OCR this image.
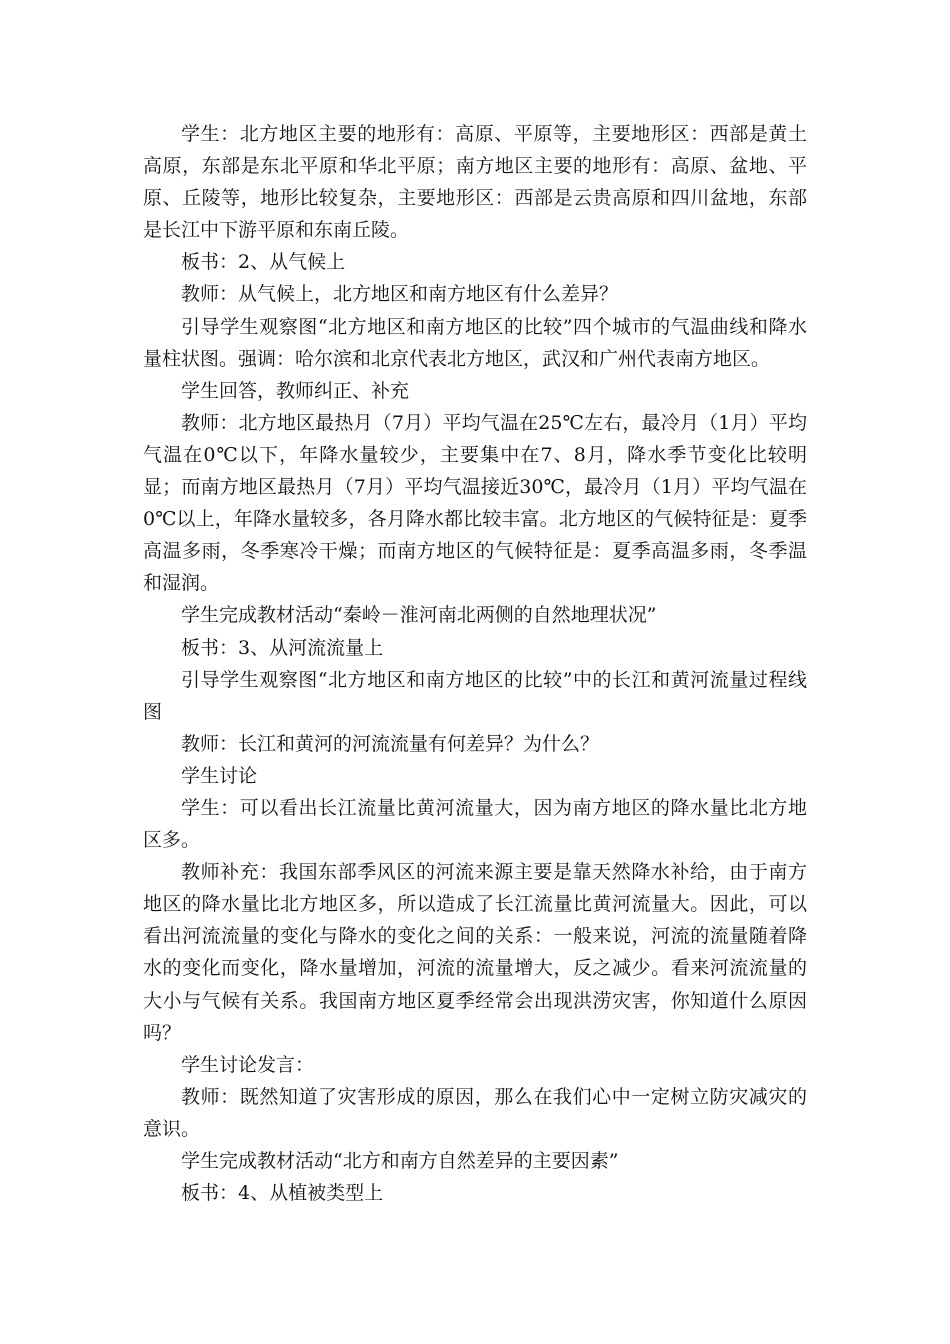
学生：北方地区主要的地形有：高原、平原等，主要地形区：西部是黄土高原，东部是东北平原和华北平原；南方地区主要的地形有：高原、盆地、平原、丘陵等，地形比较复杂，主要地形区：西部是云贵高原和四川盆地，东部是长江中下游平原和东南丘陵。

板书：2、从气候上

教师：从气候上，北方地区和南方地区有什么差异？

引导学生观察图“北方地区和南方地区的比较”四个城市的气温曲线和降水量柱状图。强调：哈尔滨和北京代表北方地区，武汉和广州代表南方地区。

学生回答，教师纠正、补充

教师：北方地区最热月（7月）平均气温在25℃左右，最冷月（1月）平均气温在0℃以下，年降水量较少，主要集中在7、8月，降水季节变化比较明显；而南方地区最热月（7月）平均气温接近30℃，最冷月（1月）平均气温在0℃以上，年降水量较多，各月降水都比较丰富。北方地区的气候特征是：夏季高温多雨，冬季寒冷干燥；而南方地区的气候特征是：夏季高温多雨，冬季温和湿润。

学生完成教材活动“秦岭－淮河南北两侧的自然地理状况”

板书：3、从河流流量上

引导学生观察图“北方地区和南方地区的比较”中的长江和黄河流量过程线图

教师：长江和黄河的河流流量有何差异？为什么？

学生讨论

学生：可以看出长江流量比黄河流量大，因为南方地区的降水量比北方地区多。

教师补充：我国东部季风区的河流来源主要是靠天然降水补给，由于南方地区的降水量比北方地区多，所以造成了长江流量比黄河流量大。因此，可以看出河流流量的变化与降水的变化之间的关系：一般来说，河流的流量随着降水的变化而变化，降水量增加，河流的流量增大，反之减少。看来河流流量的大小与气候有关系。我国南方地区夏季经常会出现洪涝灾害，你知道什么原因吗？

学生讨论发言：

教师：既然知道了灾害形成的原因，那么在我们心中一定树立防灾减灾的意识。

学生完成教材活动“北方和南方自然差异的主要因素”

板书：4、从植被类型上
